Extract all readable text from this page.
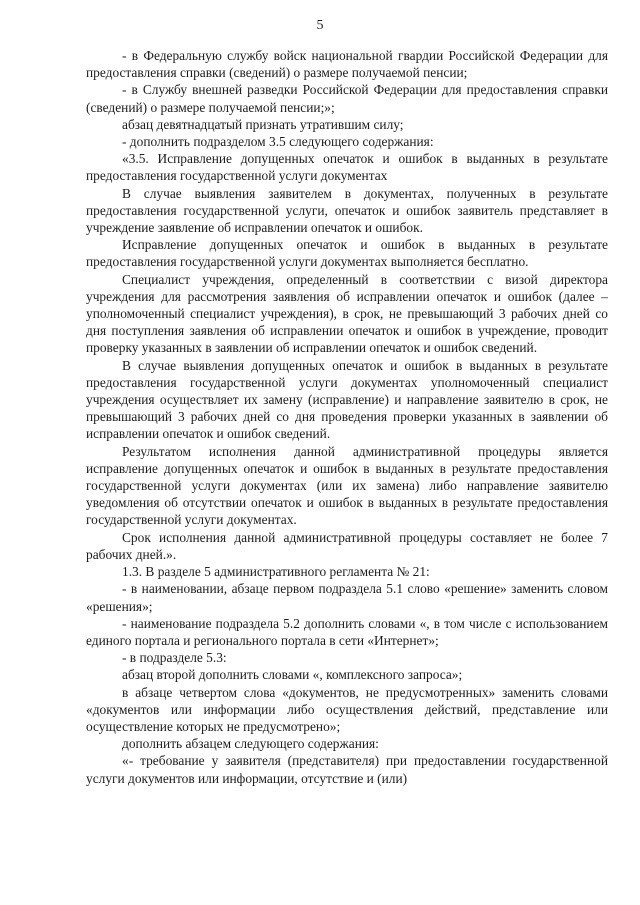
5

- в Федеральную службу войск национальной гвардии Российской Федерации для предоставления справки (сведений) о размере получаемой пенсии;

- в Службу внешней разведки Российской Федерации для предоставления справки (сведений) о размере получаемой пенсии;»;

абзац девятнадцатый признать утратившим силу;

- дополнить подразделом 3.5 следующего содержания:

«3.5. Исправление допущенных опечаток и ошибок в выданных в результате предоставления государственной услуги документах

В случае выявления заявителем в документах, полученных в результате предоставления государственной услуги, опечаток и ошибок заявитель представляет в учреждение заявление об исправлении опечаток и ошибок.

Исправление допущенных опечаток и ошибок в выданных в результате предоставления государственной услуги документах выполняется бесплатно.

Специалист учреждения, определенный в соответствии с визой директора учреждения для рассмотрения заявления об исправлении опечаток и ошибок (далее – уполномоченный специалист учреждения), в срок, не превышающий 3 рабочих дней со дня поступления заявления об исправлении опечаток и ошибок в учреждение, проводит проверку указанных в заявлении об исправлении опечаток и ошибок сведений.

В случае выявления допущенных опечаток и ошибок в выданных в результате предоставления государственной услуги документах уполномоченный специалист учреждения осуществляет их замену (исправление) и направление заявителю в срок, не превышающий 3 рабочих дней со дня проведения проверки указанных в заявлении об исправлении опечаток и ошибок сведений.

Результатом исполнения данной административной процедуры является исправление допущенных опечаток и ошибок в выданных в результате предоставления государственной услуги документах (или их замена) либо направление заявителю уведомления об отсутствии опечаток и ошибок в выданных в результате предоставления государственной услуги документах.

Срок исполнения данной административной процедуры составляет не более 7 рабочих дней.».

1.3. В разделе 5 административного регламента № 21:

- в наименовании, абзаце первом подраздела 5.1 слово «решение» заменить словом «решения»;

- наименование подраздела 5.2 дополнить словами «, в том числе с использованием единого портала и регионального портала в сети «Интернет»;

- в подразделе 5.3:

абзац второй дополнить словами «, комплексного запроса»;

в абзаце четвертом слова «документов, не предусмотренных» заменить словами «документов или информации либо осуществления действий, представление или осуществление которых не предусмотрено»;

дополнить абзацем следующего содержания:

«- требование у заявителя (представителя) при предоставлении государственной услуги документов или информации, отсутствие и (или)
